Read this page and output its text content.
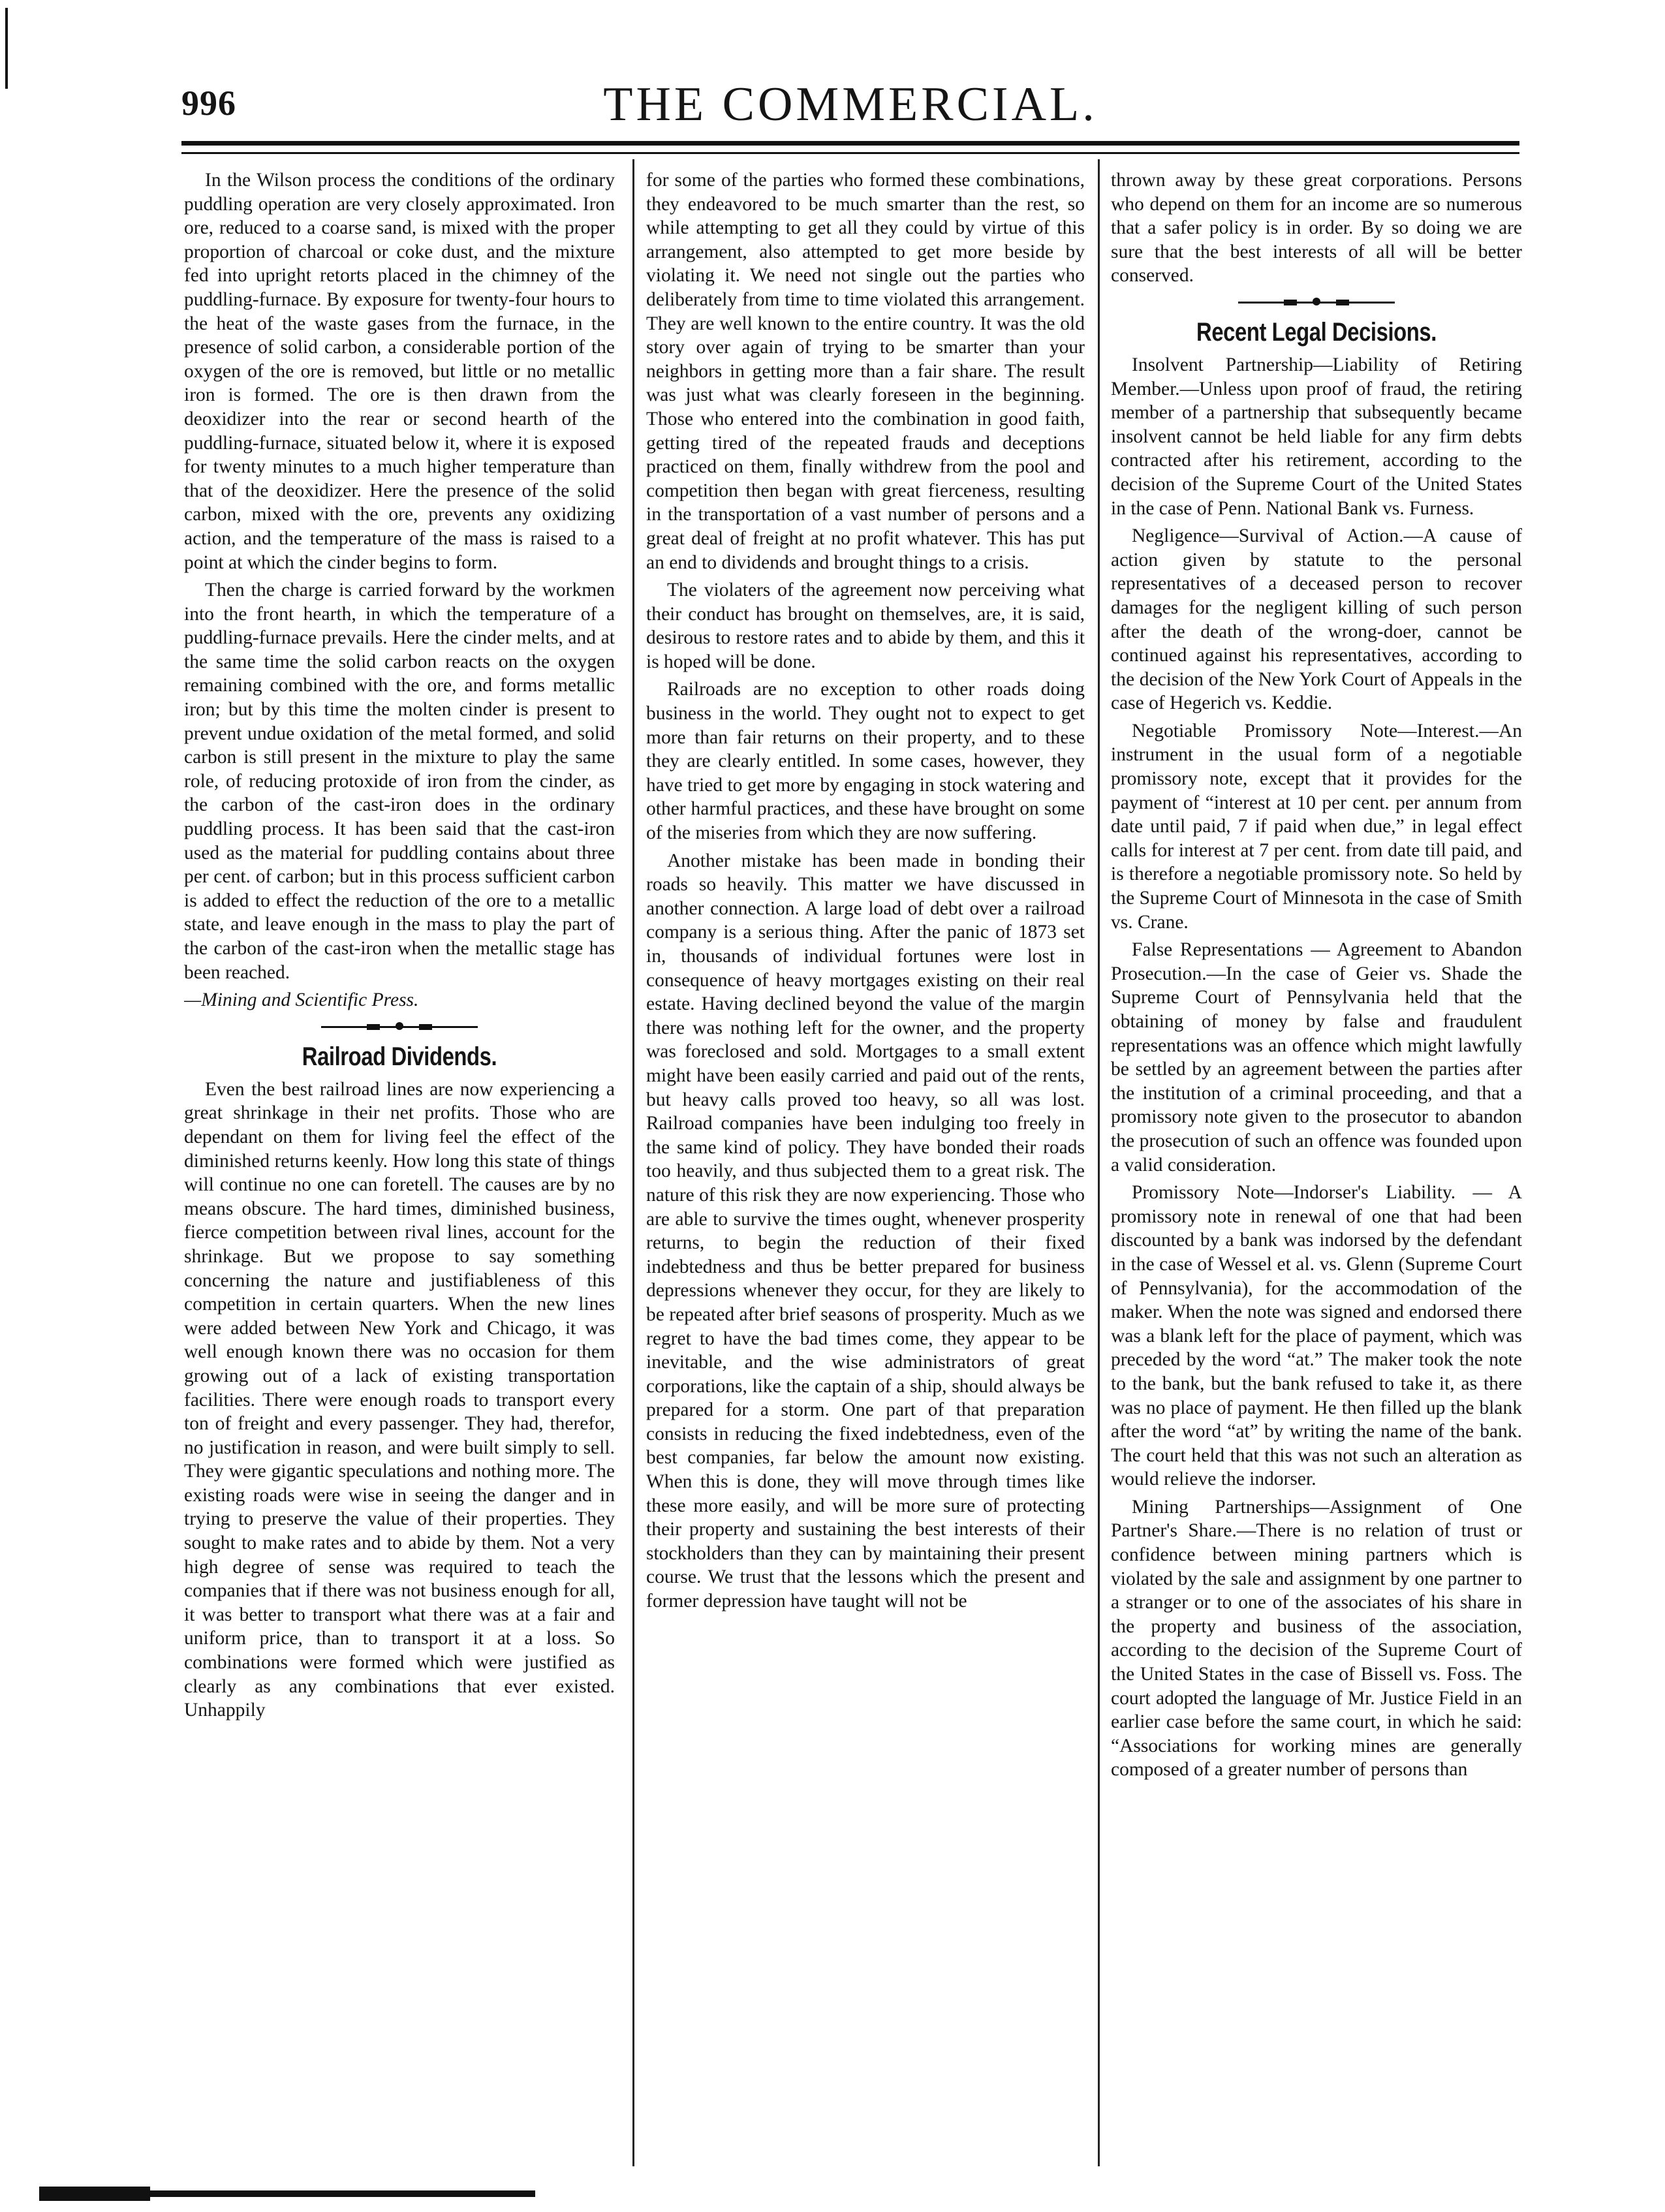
996	THE COMMERCIAL.

In the Wilson process the conditions of the ordinary puddling operation are very closely approximated. Iron ore, reduced to a coarse sand, is mixed with the proper proportion of charcoal or coke dust, and the mixture fed into upright retorts placed in the chimney of the puddling-furnace. By exposure for twenty-four hours to the heat of the waste gases from the furnace, in the presence of solid carbon, a considerable portion of the oxygen of the ore is removed, but little or no metallic iron is formed. The ore is then drawn from the deoxidizer into the rear or second hearth of the puddling-furnace, situated below it, where it is exposed for twenty minutes to a much higher temperature than that of the deoxidizer. Here the presence of the solid carbon, mixed with the ore, prevents any oxidizing action, and the temperature of the mass is raised to a point at which the cinder begins to form.

Then the charge is carried forward by the workmen into the front hearth, in which the temperature of a puddling-furnace prevails. Here the cinder melts, and at the same time the solid carbon reacts on the oxygen remaining combined with the ore, and forms metallic iron; but by this time the molten cinder is present to prevent undue oxidation of the metal formed, and solid carbon is still present in the mixture to play the same role, of reducing protoxide of iron from the cinder, as the carbon of the cast-iron does in the ordinary puddling process. It has been said that the cast-iron used as the material for puddling contains about three per cent. of carbon; but in this process sufficient carbon is added to effect the reduction of the ore to a metallic state, and leave enough in the mass to play the part of the carbon of the cast-iron when the metallic stage has been reached.

—Mining and Scientific Press.

Railroad Dividends.

Even the best railroad lines are now experiencing a great shrinkage in their net profits. Those who are dependant on them for living feel the effect of the diminished returns keenly. How long this state of things will continue no one can foretell. The causes are by no means obscure. The hard times, diminished business, fierce competition between rival lines, account for the shrinkage. But we propose to say something concerning the nature and justifiableness of this competition in certain quarters. When the new lines were added between New York and Chicago, it was well enough known there was no occasion for them growing out of a lack of existing transportation facilities. There were enough roads to transport every ton of freight and every passenger. They had, therefor, no justification in reason, and were built simply to sell. They were gigantic speculations and nothing more. The existing roads were wise in seeing the danger and in trying to preserve the value of their properties. They sought to make rates and to abide by them. Not a very high degree of sense was required to teach the companies that if there was not business enough for all, it was better to transport what there was at a fair and uniform price, than to transport it at a loss. So combinations were formed which were justified as clearly as any combinations that ever existed. Unhappily

for some of the parties who formed these combinations, they endeavored to be much smarter than the rest, so while attempting to get all they could by virtue of this arrangement, also attempted to get more beside by violating it. We need not single out the parties who deliberately from time to time violated this arrangement. They are well known to the entire country. It was the old story over again of trying to be smarter than your neighbors in getting more than a fair share. The result was just what was clearly foreseen in the beginning. Those who entered into the combination in good faith, getting tired of the repeated frauds and deceptions practiced on them, finally withdrew from the pool and competition then began with great fierceness, resulting in the transportation of a vast number of persons and a great deal of freight at no profit whatever. This has put an end to dividends and brought things to a crisis.

The violaters of the agreement now perceiving what their conduct has brought on themselves, are, it is said, desirous to restore rates and to abide by them, and this it is hoped will be done.

Railroads are no exception to other roads doing business in the world. They ought not to expect to get more than fair returns on their property, and to these they are clearly entitled. In some cases, however, they have tried to get more by engaging in stock watering and other harmful practices, and these have brought on some of the miseries from which they are now suffering.

Another mistake has been made in bonding their roads so heavily. This matter we have discussed in another connection. A large load of debt over a railroad company is a serious thing. After the panic of 1873 set in, thousands of individual fortunes were lost in consequence of heavy mortgages existing on their real estate. Having declined beyond the value of the margin there was nothing left for the owner, and the property was foreclosed and sold. Mortgages to a small extent might have been easily carried and paid out of the rents, but heavy calls proved too heavy, so all was lost. Railroad companies have been indulging too freely in the same kind of policy. They have bonded their roads too heavily, and thus subjected them to a great risk. The nature of this risk they are now experiencing. Those who are able to survive the times ought, whenever prosperity returns, to begin the reduction of their fixed indebtedness and thus be better prepared for business depressions whenever they occur, for they are likely to be repeated after brief seasons of prosperity. Much as we regret to have the bad times come, they appear to be inevitable, and the wise administrators of great corporations, like the captain of a ship, should always be prepared for a storm. One part of that preparation consists in reducing the fixed indebtedness, even of the best companies, far below the amount now existing. When this is done, they will move through times like these more easily, and will be more sure of protecting their property and sustaining the best interests of their stockholders than they can by maintaining their present course. We trust that the lessons which the present and former depression have taught will not be

thrown away by these great corporations. Persons who depend on them for an income are so numerous that a safer policy is in order. By so doing we are sure that the best interests of all will be better conserved.

Recent Legal Decisions.

Insolvent Partnership—Liability of Retiring Member.—Unless upon proof of fraud, the retiring member of a partnership that subsequently became insolvent cannot be held liable for any firm debts contracted after his retirement, according to the decision of the Supreme Court of the United States in the case of Penn. National Bank vs. Furness.

Negligence—Survival of Action.—A cause of action given by statute to the personal representatives of a deceased person to recover damages for the negligent killing of such person after the death of the wrong-doer, cannot be continued against his representatives, according to the decision of the New York Court of Appeals in the case of Hegerich vs. Keddie.

Negotiable Promissory Note—Interest.—An instrument in the usual form of a negotiable promissory note, except that it provides for the payment of “interest at 10 per cent. per annum from date until paid, 7 if paid when due,” in legal effect calls for interest at 7 per cent. from date till paid, and is therefore a negotiable promissory note. So held by the Supreme Court of Minnesota in the case of Smith vs. Crane.

False Representations — Agreement to Abandon Prosecution.—In the case of Geier vs. Shade the Supreme Court of Pennsylvania held that the obtaining of money by false and fraudulent representations was an offence which might lawfully be settled by an agreement between the parties after the institution of a criminal proceeding, and that a promissory note given to the prosecutor to abandon the prosecution of such an offence was founded upon a valid consideration.

Promissory Note—Indorser's Liability. — A promissory note in renewal of one that had been discounted by a bank was indorsed by the defendant in the case of Wessel et al. vs. Glenn (Supreme Court of Pennsylvania), for the accommodation of the maker. When the note was signed and endorsed there was a blank left for the place of payment, which was preceded by the word “at.” The maker took the note to the bank, but the bank refused to take it, as there was no place of payment. He then filled up the blank after the word “at” by writing the name of the bank. The court held that this was not such an alteration as would relieve the indorser.

Mining Partnerships—Assignment of One Partner's Share.—There is no relation of trust or confidence between mining partners which is violated by the sale and assignment by one partner to a stranger or to one of the associates of his share in the property and business of the association, according to the decision of the Supreme Court of the United States in the case of Bissell vs. Foss. The court adopted the language of Mr. Justice Field in an earlier case before the same court, in which he said: “Associations for working mines are generally composed of a greater number of persons than
